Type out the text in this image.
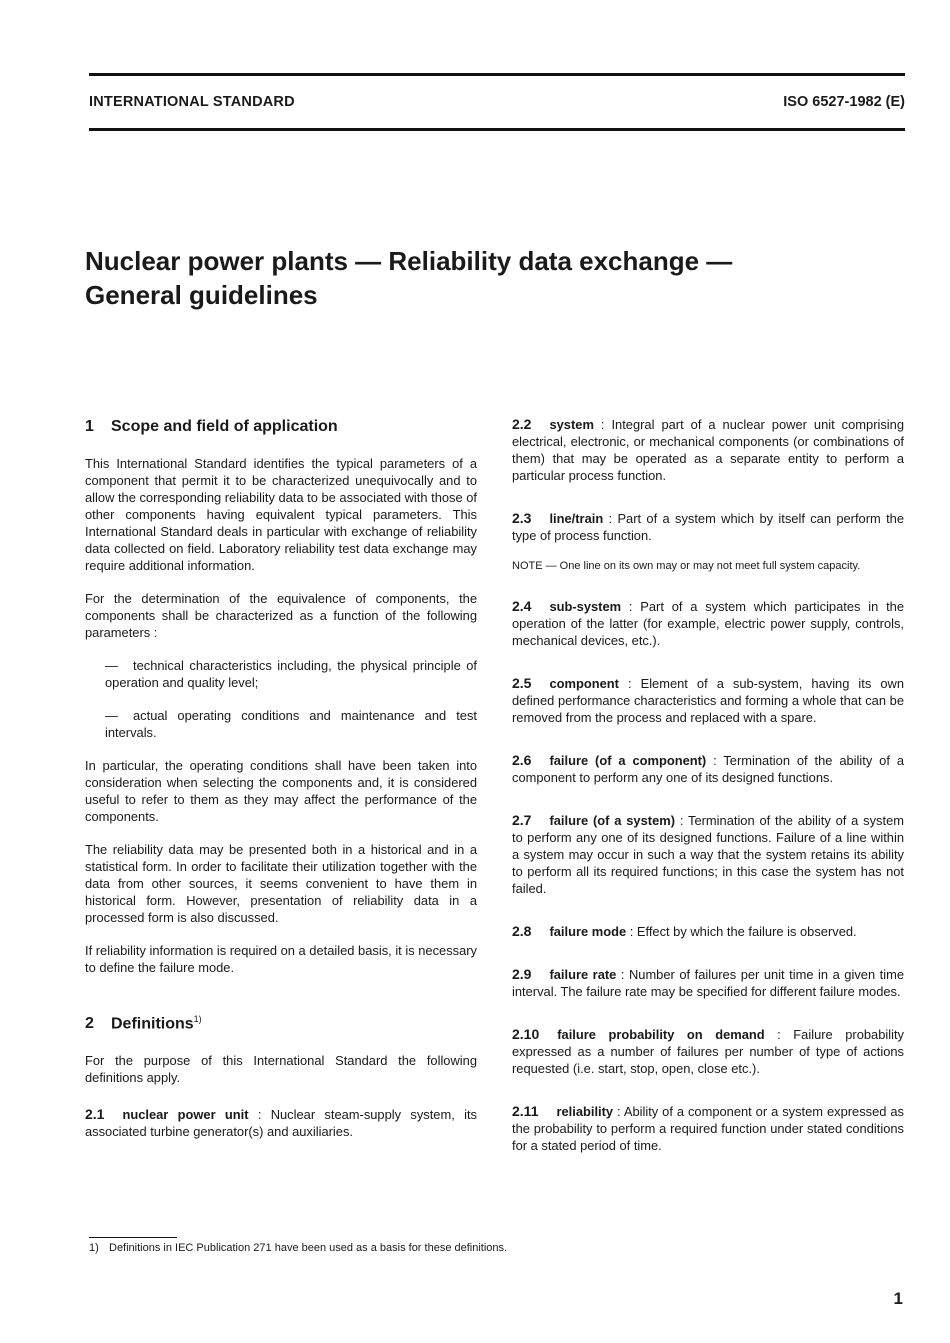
INTERNATIONAL STANDARD	ISO 6527-1982 (E)
Nuclear power plants — Reliability data exchange —
General guidelines
1 Scope and field of application

This International Standard identifies the typical parameters of a component that permit it to be characterized unequivocally and to allow the corresponding reliability data to be associated with those of other components having equivalent typical parameters. This International Standard deals in particular with exchange of reliability data collected on field. Laboratory reliability test data exchange may require additional information.

For the determination of the equivalence of components, the components shall be characterized as a function of the following parameters :

— technical characteristics including, the physical principle of operation and quality level;
— actual operating conditions and maintenance and test intervals.

In particular, the operating conditions shall have been taken into consideration when selecting the components and, it is considered useful to refer to them as they may affect the performance of the components.

The reliability data may be presented both in a historical and in a statistical form. In order to facilitate their utilization together with the data from other sources, it seems convenient to have them in historical form. However, presentation of reliability data in a processed form is also discussed.

If reliability information is required on a detailed basis, it is necessary to define the failure mode.

2 Definitions$^{1)}$

For the purpose of this International Standard the following definitions apply.

2.1 nuclear power unit : Nuclear steam-supply system, its associated turbine generator(s) and auxiliaries.

2.2 system : Integral part of a nuclear power unit comprising electrical, electronic, or mechanical components (or combinations of them) that may be operated as a separate entity to perform a particular process function.

2.3 line/train : Part of a system which by itself can perform the type of process function.

NOTE — One line on its own may or may not meet full system capacity.

2.4 sub-system : Part of a system which participates in the operation of the latter (for example, electric power supply, controls, mechanical devices, etc.).

2.5 component : Element of a sub-system, having its own defined performance characteristics and forming a whole that can be removed from the process and replaced with a spare.

2.6 failure (of a component) : Termination of the ability of a component to perform any one of its designed functions.

2.7 failure (of a system) : Termination of the ability of a system to perform any one of its designed functions. Failure of a line within a system may occur in such a way that the system retains its ability to perform all its required functions; in this case the system has not failed.

2.8 failure mode : Effect by which the failure is observed.

2.9 failure rate : Number of failures per unit time in a given time interval. The failure rate may be specified for different failure modes.

2.10 failure probability on demand : Failure probability expressed as a number of failures per number of type of actions requested (i.e. start, stop, open, close etc.).

2.11 reliability : Ability of a component or a system expressed as the probability to perform a required function under stated conditions for a stated period of time.

1) Definitions in IEC Publication 271 have been used as a basis for these definitions.
1
